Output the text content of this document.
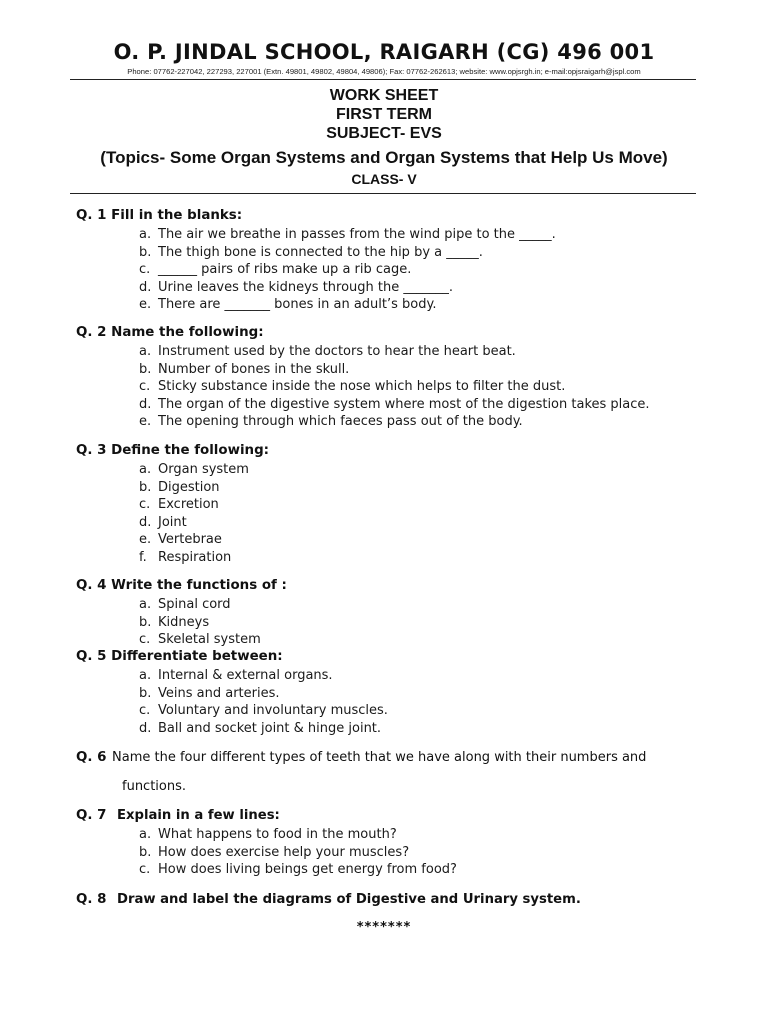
O. P. JINDAL SCHOOL, RAIGARH (CG) 496 001
Phone: 07762-227042, 227293, 227001 (Extn. 49801, 49802, 49804, 49806); Fax: 07762-262613; website: www.opjsrgh.in; e-mail:opjsraigarh@jspl.com
WORK SHEET
FIRST TERM
SUBJECT- EVS
(Topics- Some Organ Systems and Organ Systems that Help Us Move)
CLASS- V
Q. 1 Fill in the blanks:
a. The air we breathe in passes from the wind pipe to the _____.
b. The thigh bone is connected to the hip by a _____.
c. ______ pairs of ribs make up a rib cage.
d. Urine leaves the kidneys through the _______.
e. There are _______ bones in an adult’s body.
Q. 2 Name the following:
a. Instrument used by the doctors to hear the heart beat.
b. Number of bones in the skull.
c. Sticky substance inside the nose which helps to filter the dust.
d. The organ of the digestive system where most of the digestion takes place.
e. The opening through which faeces pass out of the body.
Q. 3 Define the following:
a. Organ system
b. Digestion
c. Excretion
d. Joint
e. Vertebrae
f. Respiration
Q. 4 Write the functions of :
a. Spinal cord
b. Kidneys
c. Skeletal system
Q. 5 Differentiate between:
a. Internal & external organs.
b. Veins and arteries.
c. Voluntary and involuntary muscles.
d. Ball and socket joint & hinge joint.
Q. 6 Name the four different types of teeth that we have along with their numbers and
functions.
Q. 7 Explain in a few lines:
a. What happens to food in the mouth?
b. How does exercise help your muscles?
c. How does living beings get energy from food?
Q. 8 Draw and label the diagrams of Digestive and Urinary system.
*******
